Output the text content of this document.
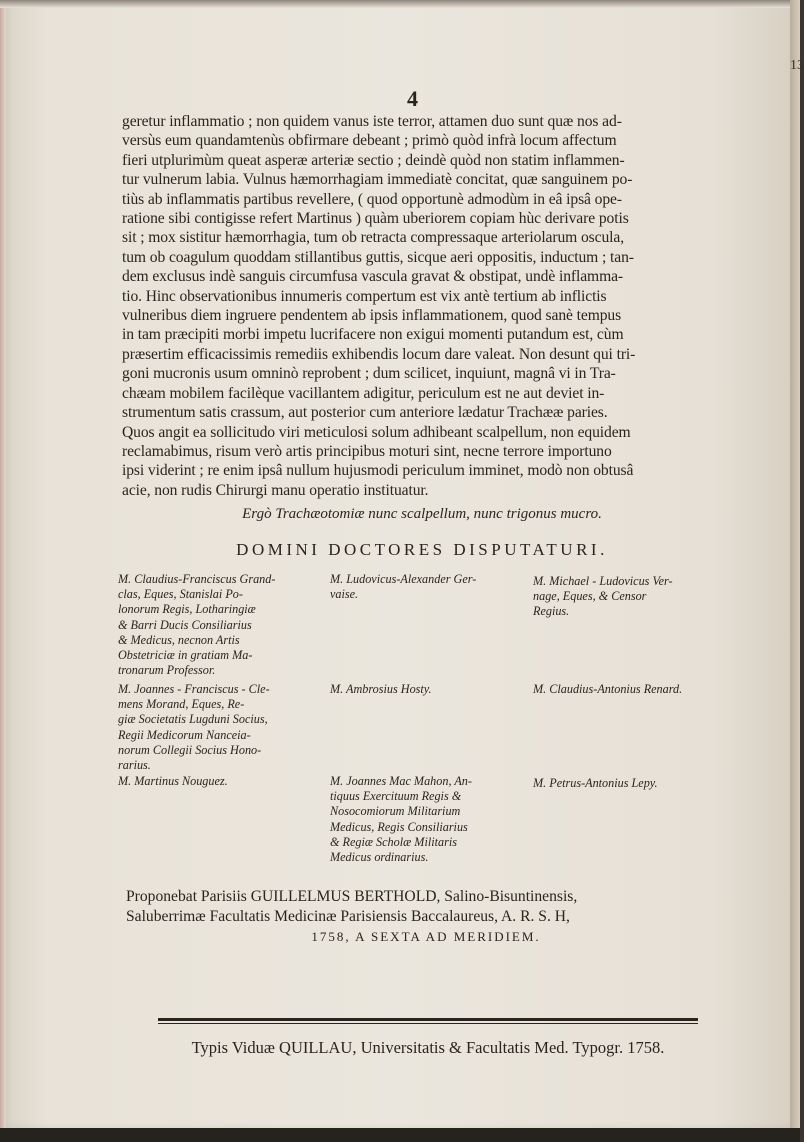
4

geretur inflammatio ; non quidem vanus iste terror, attamen duo sunt quæ nos ad-

versùs eum quandamtenùs obfirmare debeant ; primò quòd infrà locum affectum

fieri utplurimùm queat asperæ arteriæ sectio ; deindè quòd non statim inflammen-

tur vulnerum labia. Vulnus hæmorrhagiam immediatè concitat, quæ sanguinem po-

tiùs ab inflammatis partibus revellere, ( quod opportunè admodùm in eâ ipsâ ope-

ratione sibi contigisse refert Martinus ) quàm uberiorem copiam hùc derivare potis

sit ; mox sistitur hæmorrhagia, tum ob retracta compressaque arteriolarum oscula,

tum ob coagulum quoddam stillantibus guttis, sicque aeri oppositis, inductum ; tan-

dem exclusus indè sanguis circumfusa vascula gravat & obstipat, undè inflamma-

tio. Hinc observationibus innumeris compertum est vix antè tertium ab inflictis

vulneribus diem ingruere pendentem ab ipsis inflammationem, quod sanè tempus

in tam præcipiti morbi impetu lucrifacere non exigui momenti putandum est, cùm

præsertim efficacissimis remediis exhibendis locum dare valeat. Non desunt qui tri-

goni mucronis usum omninò reprobent ; dum scilicet, inquiunt, magnâ vi in Tra-

chæam mobilem facilèque vacillantem adigitur, periculum est ne aut deviet in-

strumentum satis crassum, aut posterior cum anteriore lædatur Trachææ paries.

Quos angit ea sollicitudo viri meticulosi solum adhibeant scalpellum, non equidem

reclamabimus, risum verò artis principibus moturi sint, necne terrore importuno

ipsi viderint ; re enim ipsâ nullum hujusmodi periculum imminet, modò non obtusâ

acie, non rudis Chirurgi manu operatio instituatur.

Ergò Trachæotomiæ nunc scalpellum, nunc trigonus mucro.
DOMINI DOCTORES DISPUTATURI.
M. Claudius-Franciscus Grand-
clas, Eques, Stanislai Po-
lonorum Regis, Lotharingiæ
& Barri Ducis Consiliarius
& Medicus, necnon Artis
Obstetriciæ in gratiam Ma-
tronarum Professor.
M. Ludovicus-Alexander Ger-
vaise.
M. Michael - Ludovicus Ver-
nage, Eques, & Censor
Regius.
M. Joannes - Franciscus - Cle-
mens Morand, Eques, Re-
giæ Societatis Lugduni Socius,
Regii Medicorum Nanceia-
norum Collegii Socius Hono-
rarius.
M. Ambrosius Hosty.	M. Claudius-Antonius Renard.
M. Martinus Nouguez.	M. Joannes Mac Mahon, An-
tiquus Exercituum Regis &
Nosocomiorum Militarium
Medicus, Regis Consiliarius
& Regiæ Scholæ Militaris
Medicus ordinarius.
M. Petrus-Antonius Lepy.
Proponebat Parisiis GUILLELMUS BERTHOLD, Salino-Bisuntinensis,
Saluberrimæ Facultatis Medicinæ Parisiensis Baccalaureus, A. R. S. H,
1758, A SEXTA AD MERIDIEM.
Typis Viduæ QUILLAU, Universitatis & Facultatis Med. Typogr. 1758.
13
